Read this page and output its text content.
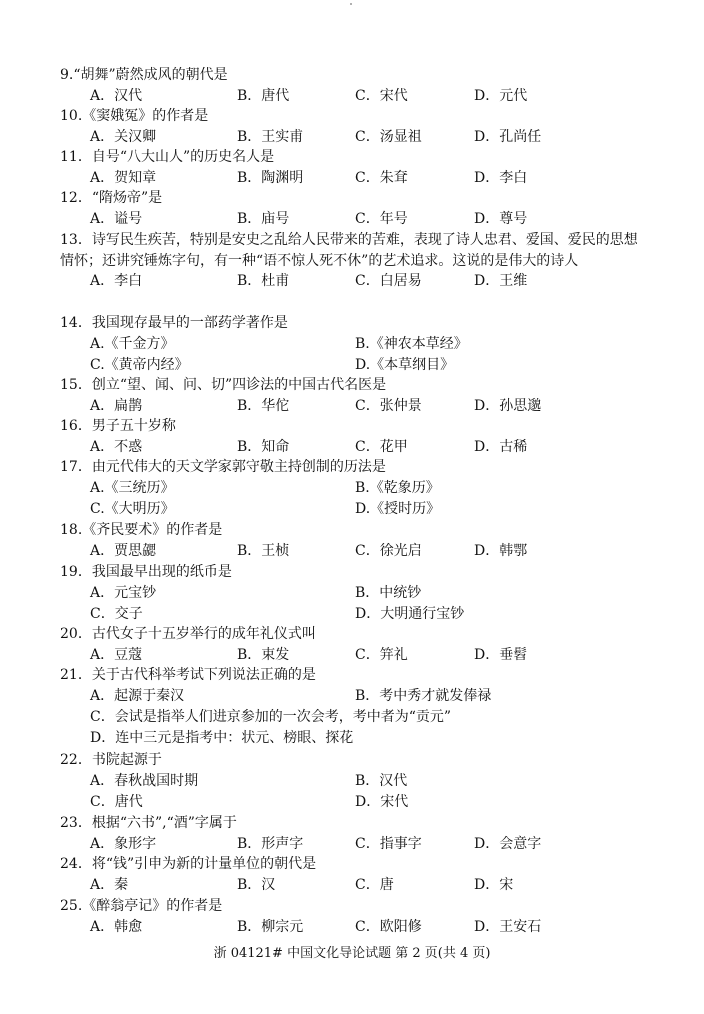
9.“胡舞”蔚然成风的朝代是
A．汉代	B．唐代	C．宋代	D．元代
10.《窦娥冤》的作者是
A．关汉卿	B．王实甫	C．汤显祖	D．孔尚任
11．自号“八大山人”的历史名人是
A．贺知章	B．陶渊明	C．朱耷	D．李白
12．“隋炀帝”是
A．谥号	B．庙号	C．年号	D．尊号
13．诗写民生疾苦，特别是安史之乱给人民带来的苦难，表现了诗人忠君、爱国、爱民的思想情怀；还讲究锤炼字句，有一种“语不惊人死不休”的艺术追求。这说的是伟大的诗人
A．李白	B．杜甫	C．白居易	D．王维
14．我国现存最早的一部药学著作是
A.《千金方》	B.《神农本草经》
C.《黄帝内经》	D.《本草纲目》
15．创立“望、闻、问、切”四诊法的中国古代名医是
A．扁鹊	B．华佗	C．张仲景	D．孙思邈
16．男子五十岁称
A．不惑	B．知命	C．花甲	D．古稀
17．由元代伟大的天文学家郭守敬主持创制的历法是
A.《三统历》	B.《乾象历》
C.《大明历》	D.《授时历》
18.《齐民要术》的作者是
A．贾思勰	B．王桢	C．徐光启	D．韩鄂
19．我国最早出现的纸币是
A．元宝钞	B．中统钞
C．交子	D．大明通行宝钞
20．古代女子十五岁举行的成年礼仪式叫
A．豆蔻	B．束发	C．笄礼	D．垂髫
21．关于古代科举考试下列说法正确的是
A．起源于秦汉	B．考中秀才就发俸禄
C．会试是指举人们进京参加的一次会考，考中者为“贡元”
D．连中三元是指考中：状元、榜眼、探花
22．书院起源于
A．春秋战国时期	B．汉代
C．唐代	D．宋代
23．根据“六书”,“酒”字属于
A．象形字	B．形声字	C．指事字	D．会意字
24．将“钱”引申为新的计量单位的朝代是
A．秦	B．汉	C．唐	D．宋
25.《醉翁亭记》的作者是
A．韩愈	B．柳宗元	C．欧阳修	D．王安石
浙 04121# 中国文化导论试题 第 2 页(共 4 页)
